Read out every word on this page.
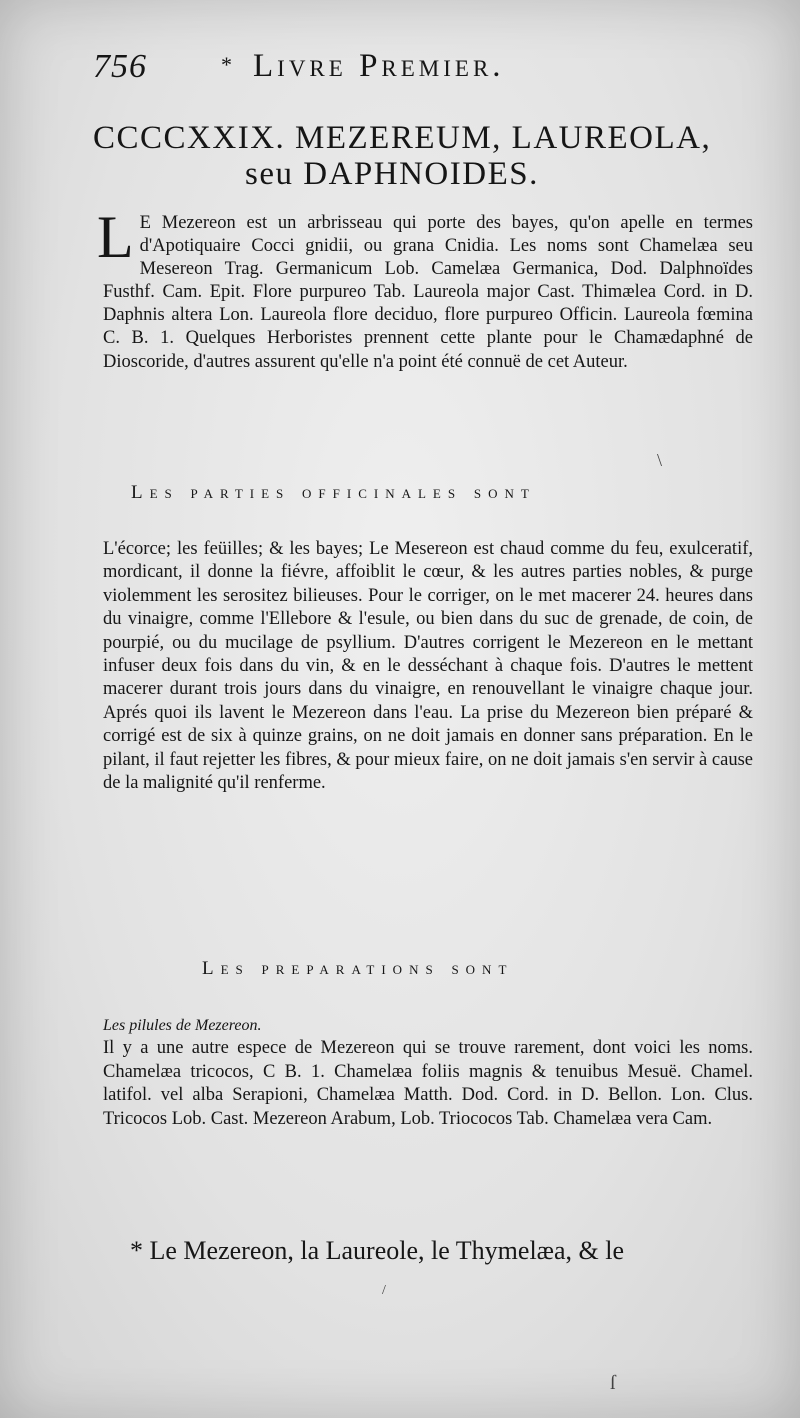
756	* Livre Premier.
CCCCXXIX. MEZEREUM, LAUREOLA,
seu DAPHNOIDES.

L E Mezereon est un arbrisseau qui porte des bayes, qu'on apelle en termes d'Apotiquaire Cocci gnidii, ou grana Cnidia. Les noms sont Chamelæa seu Mesereon Trag. Germanicum Lob. Camelæa Germanica, Dod. Dalphnoïdes Fusthf. Cam. Epit. Flore purpureo Tab. Laureola major Cast. Thimælea Cord. in D. Daphnis altera Lon. Laureola flore deciduo, flore purpureo Officin. Laureola fœmina C. B. 1. Quelques Herboristes prennent cette plante pour le Chamædaphné de Dioscoride, d'autres assurent qu'elle n'a point été connuë de cet Auteur.

\
Les parties officinales sont

L'écorce; les feüilles; & les bayes; Le Mesereon est chaud comme du feu, exulceratif, mordicant, il donne la fiévre, affoiblit le cœur, & les autres parties nobles, & purge violemment les serositez bilieuses. Pour le corriger, on le met macerer 24. heures dans du vinaigre, comme l'Ellebore & l'esule, ou bien dans du suc de grenade, de coin, de pourpié, ou du mucilage de psyllium. D'autres corrigent le Mezereon en le mettant infuser deux fois dans du vin, & en le desséchant à chaque fois. D'autres le mettent macerer durant trois jours dans du vinaigre, en renouvellant le vinaigre chaque jour. Aprés quoi ils lavent le Mezereon dans l'eau. La prise du Mezereon bien préparé & corrigé est de six à quinze grains, on ne doit jamais en donner sans préparation. En le pilant, il faut rejetter les fibres, & pour mieux faire, on ne doit jamais s'en servir à cause de la malignité qu'il renferme.

Les preparations sont

Les pilules de Mezereon.
Il y a une autre espece de Mezereon qui se trouve rarement, dont voici les noms. Chamelæa tricocos, C B. 1. Chamelæa foliis magnis & tenuibus Mesuë. Chamel. latifol. vel alba Serapioni, Chamelæa Matth. Dod. Cord. in D. Bellon. Lon. Clus. Tricocos Lob. Cast. Mezereon Arabum, Lob. Triococos Tab. Chamelæa vera Cam.

* Le Mezereon, la Laureole, le Thymelæa, & le
/
ſ
